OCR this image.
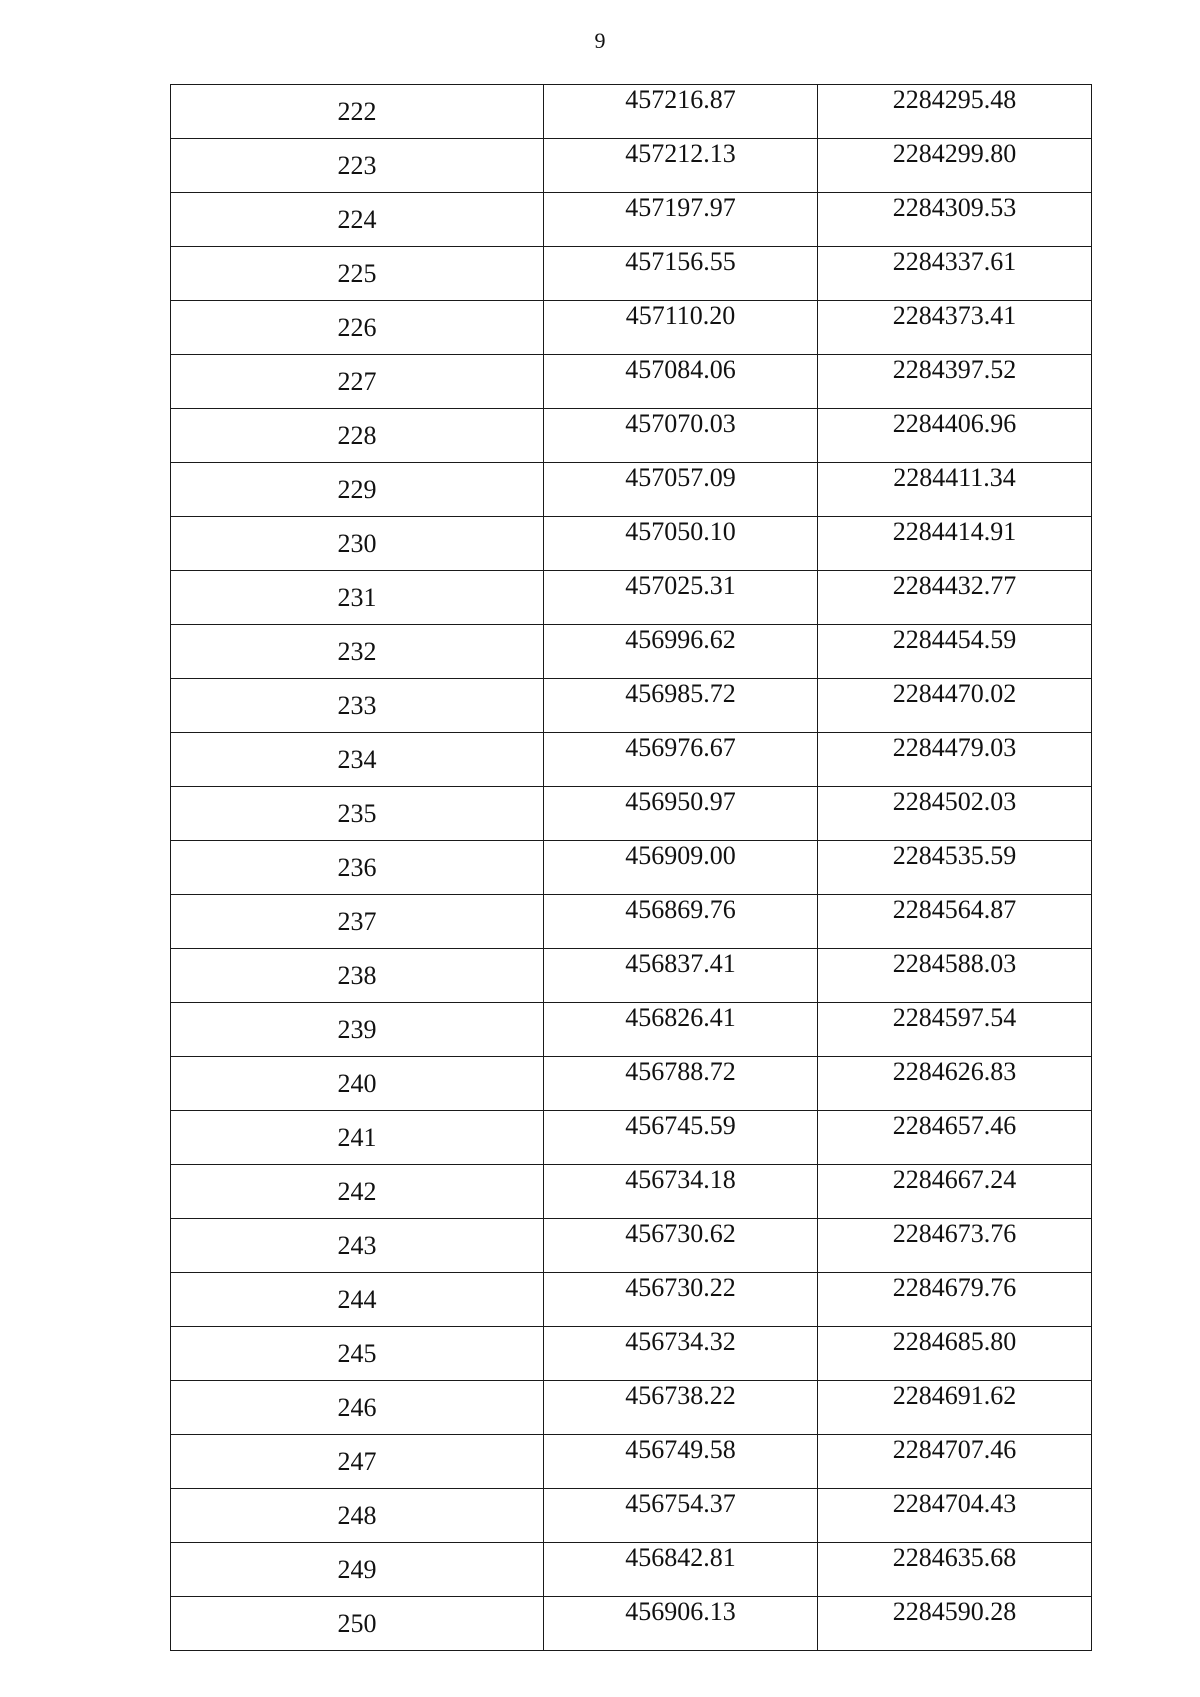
9
222	457216.87	2284295.48
223	457212.13	2284299.80
224	457197.97	2284309.53
225	457156.55	2284337.61
226	457110.20	2284373.41
227	457084.06	2284397.52
228	457070.03	2284406.96
229	457057.09	2284411.34
230	457050.10	2284414.91
231	457025.31	2284432.77
232	456996.62	2284454.59
233	456985.72	2284470.02
234	456976.67	2284479.03
235	456950.97	2284502.03
236	456909.00	2284535.59
237	456869.76	2284564.87
238	456837.41	2284588.03
239	456826.41	2284597.54
240	456788.72	2284626.83
241	456745.59	2284657.46
242	456734.18	2284667.24
243	456730.62	2284673.76
244	456730.22	2284679.76
245	456734.32	2284685.80
246	456738.22	2284691.62
247	456749.58	2284707.46
248	456754.37	2284704.43
249	456842.81	2284635.68
250	456906.13	2284590.28
